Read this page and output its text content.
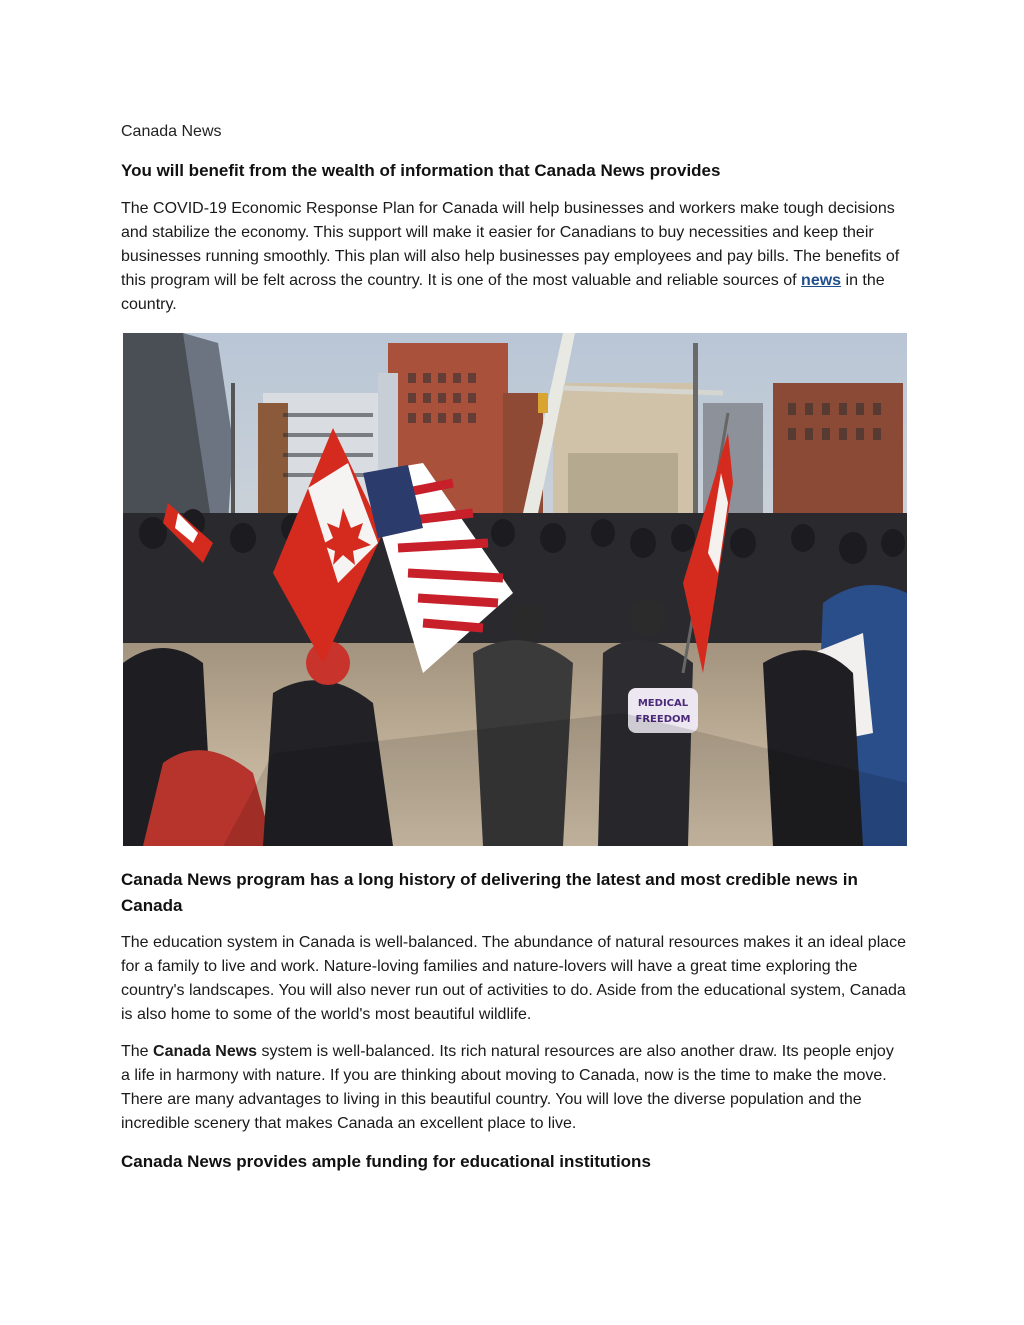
Canada News
You will benefit from the wealth of information that Canada News provides

The COVID-19 Economic Response Plan for Canada will help businesses and workers make tough decisions and stabilize the economy. This support will make it easier for Canadians to buy necessities and keep their businesses running smoothly. This plan will also help businesses pay employees and pay bills. The benefits of this program will be felt across the country. It is one of the most valuable and reliable sources of news in the country.

MEDICAL
FREEDOM
Canada News program has a long history of delivering the latest and most credible news in Canada

The education system in Canada is well-balanced. The abundance of natural resources makes it an ideal place for a family to live and work. Nature-loving families and nature-lovers will have a great time exploring the country's landscapes. You will also never run out of activities to do. Aside from the educational system, Canada is also home to some of the world's most beautiful wildlife.

The Canada News system is well-balanced. Its rich natural resources are also another draw. Its people enjoy a life in harmony with nature. If you are thinking about moving to Canada, now is the time to make the move. There are many advantages to living in this beautiful country. You will love the diverse population and the incredible scenery that makes Canada an excellent place to live.

Canada News provides ample funding for educational institutions
